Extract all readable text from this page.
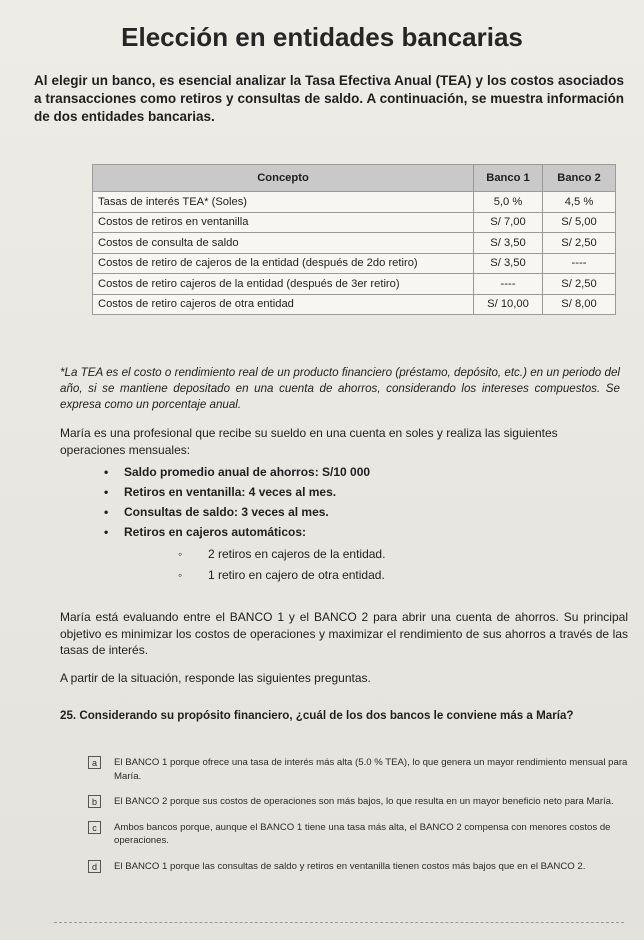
Elección en entidades bancarias

Al elegir un banco, es esencial analizar la Tasa Efectiva Anual (TEA) y los costos asociados a transacciones como retiros y consultas de saldo. A continuación, se muestra información de dos entidades bancarias.

Concepto	Banco 1	Banco 2
Tasas de interés TEA* (Soles)	5,0 %	4,5 %
Costos de retiros en ventanilla	S/ 7,00	S/ 5,00
Costos de consulta de saldo	S/ 3,50	S/ 2,50
Costos de retiro de cajeros de la entidad (después de 2do retiro)	S/ 3,50	----
Costos de retiro cajeros de la entidad (después de 3er retiro)	----	S/ 2,50
Costos de retiro cajeros de otra entidad	S/ 10,00	S/ 8,00

*La TEA es el costo o rendimiento real de un producto financiero (préstamo, depósito, etc.) en un periodo del año, si se mantiene depositado en una cuenta de ahorros, considerando los intereses compuestos. Se expresa como un porcentaje anual.

María es una profesional que recibe su sueldo en una cuenta en soles y realiza las siguientes operaciones mensuales:

• Saldo promedio anual de ahorros: S/10 000
• Retiros en ventanilla: 4 veces al mes.
• Consultas de saldo: 3 veces al mes.
• Retiros en cajeros automáticos:
◦ 2 retiros en cajeros de la entidad.
◦ 1 retiro en cajero de otra entidad.

María está evaluando entre el BANCO 1 y el BANCO 2 para abrir una cuenta de ahorros. Su principal objetivo es minimizar los costos de operaciones y maximizar el rendimiento de sus ahorros a través de las tasas de interés.

A partir de la situación, responde las siguientes preguntas.

25. Considerando su propósito financiero, ¿cuál de los dos bancos le conviene más a María?

a	El BANCO 1 porque ofrece una tasa de interés más alta (5.0 % TEA), lo que genera un mayor rendimiento mensual para María.
b	El BANCO 2 porque sus costos de operaciones son más bajos, lo que resulta en un mayor beneficio neto para María.
c	Ambos bancos porque, aunque el BANCO 1 tiene una tasa más alta, el BANCO 2 compensa con menores costos de operaciones.
d	El BANCO 1 porque las consultas de saldo y retiros en ventanilla tienen costos más bajos que en el BANCO 2.
